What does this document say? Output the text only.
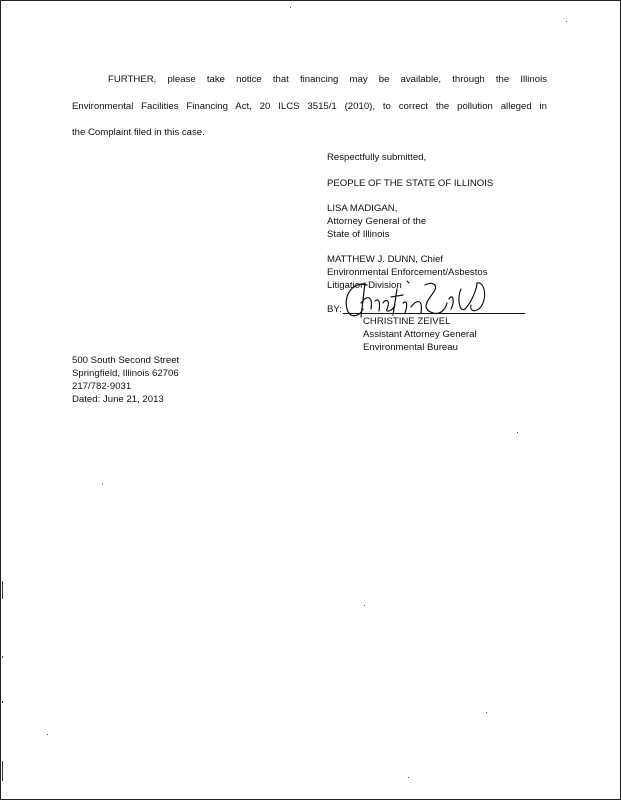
FURTHER, please take notice that financing may be available, through the Illinois

Environmental Facilities Financing Act, 20 ILCS 3515/1 (2010), to correct the pollution alleged in

the Complaint filed in this case.

Respectfully submitted,

PEOPLE OF THE STATE OF ILLINOIS

LISA MADIGAN,
Attorney General of the
State of Illinois
MATTHEW J. DUNN, Chief
Environmental Enforcement/Asbestos
Litigation Division

BY:

CHRISTINE ZEIVEL
Assistant Attorney General
Environmental Bureau
500 South Second Street
Springfield, Illinois 62706
217/782-9031
Dated: June 21, 2013
